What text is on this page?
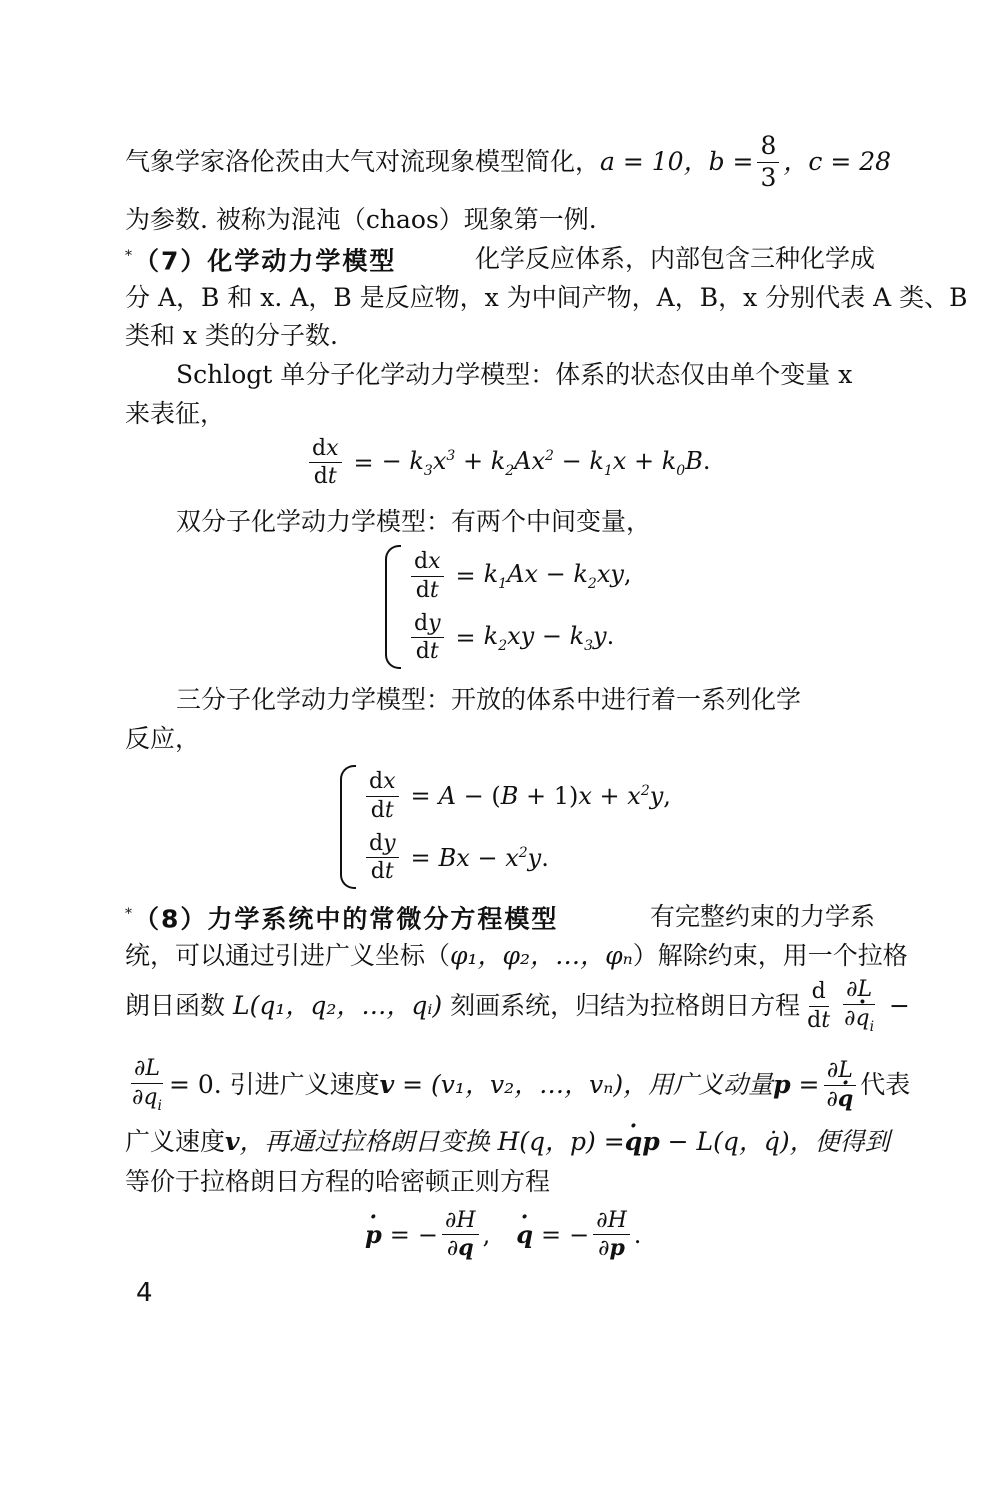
气象学家洛伦茨由大气对流现象模型简化， a = 10，$b = \frac{8}{3}$ ，c = 28
为参数. 被称为混沌（chaos）现象第一例.
*（7）化学动力学模型	化学反应体系，内部包含三种化学成
分 A，B 和 x. A，B 是反应物，x 为中间产物，A，B，x 分别代表 A 类、B
类和 x 类的分子数.
Schlogt 单分子化学动力学模型：体系的状态仅由单个变量 x
来表征，
$\frac{dx}{dt}$ = − $k_3x^3 + k_2Ax^2 - k_1x + k_0B$.
双分子化学动力学模型：有两个中间变量，
$\frac{dx}{dt} = k_1Ax - k_2xy$,
$\frac{dy}{dt} = k_2xy - k_3y$.
三分子化学动力学模型：开放的体系中进行着一系列化学
反应，
$\frac{dx}{dt} = A - (B + 1)x + x^2y$,
$\frac{dy}{dt} = Bx - x^2y$.
*（8）力学系统中的常微分方程模型	有完整约束的力学系
统，可以通过引进广义坐标（φ₁，φ₂，…，φₙ）解除约束，用一个拉格
朗日函数
L(q₁，q₂，…，qᵢ)
刻画系统，归结为拉格朗日方程 $\frac{d}{dt} \frac{\partial L}{\partial q \cdot_i}$ −
$\frac{\partial L}{\partial q_i} = 0$. 引进广义速度 v
= (v₁，v₂，…，vₙ)，用广义动量 p
= $\frac{\partial L}{\partial q}$ · 代表
广义速度 v ，再通过拉格朗日变换 H(q，p) = q ·p
− L(q，q̇)，便得到
等价于拉格朗日方程的哈密顿正则方程
p · = − $\frac{\partial H}{\partial q}$ , q · = − $\frac{\partial H}{\partial p}$ .
4
